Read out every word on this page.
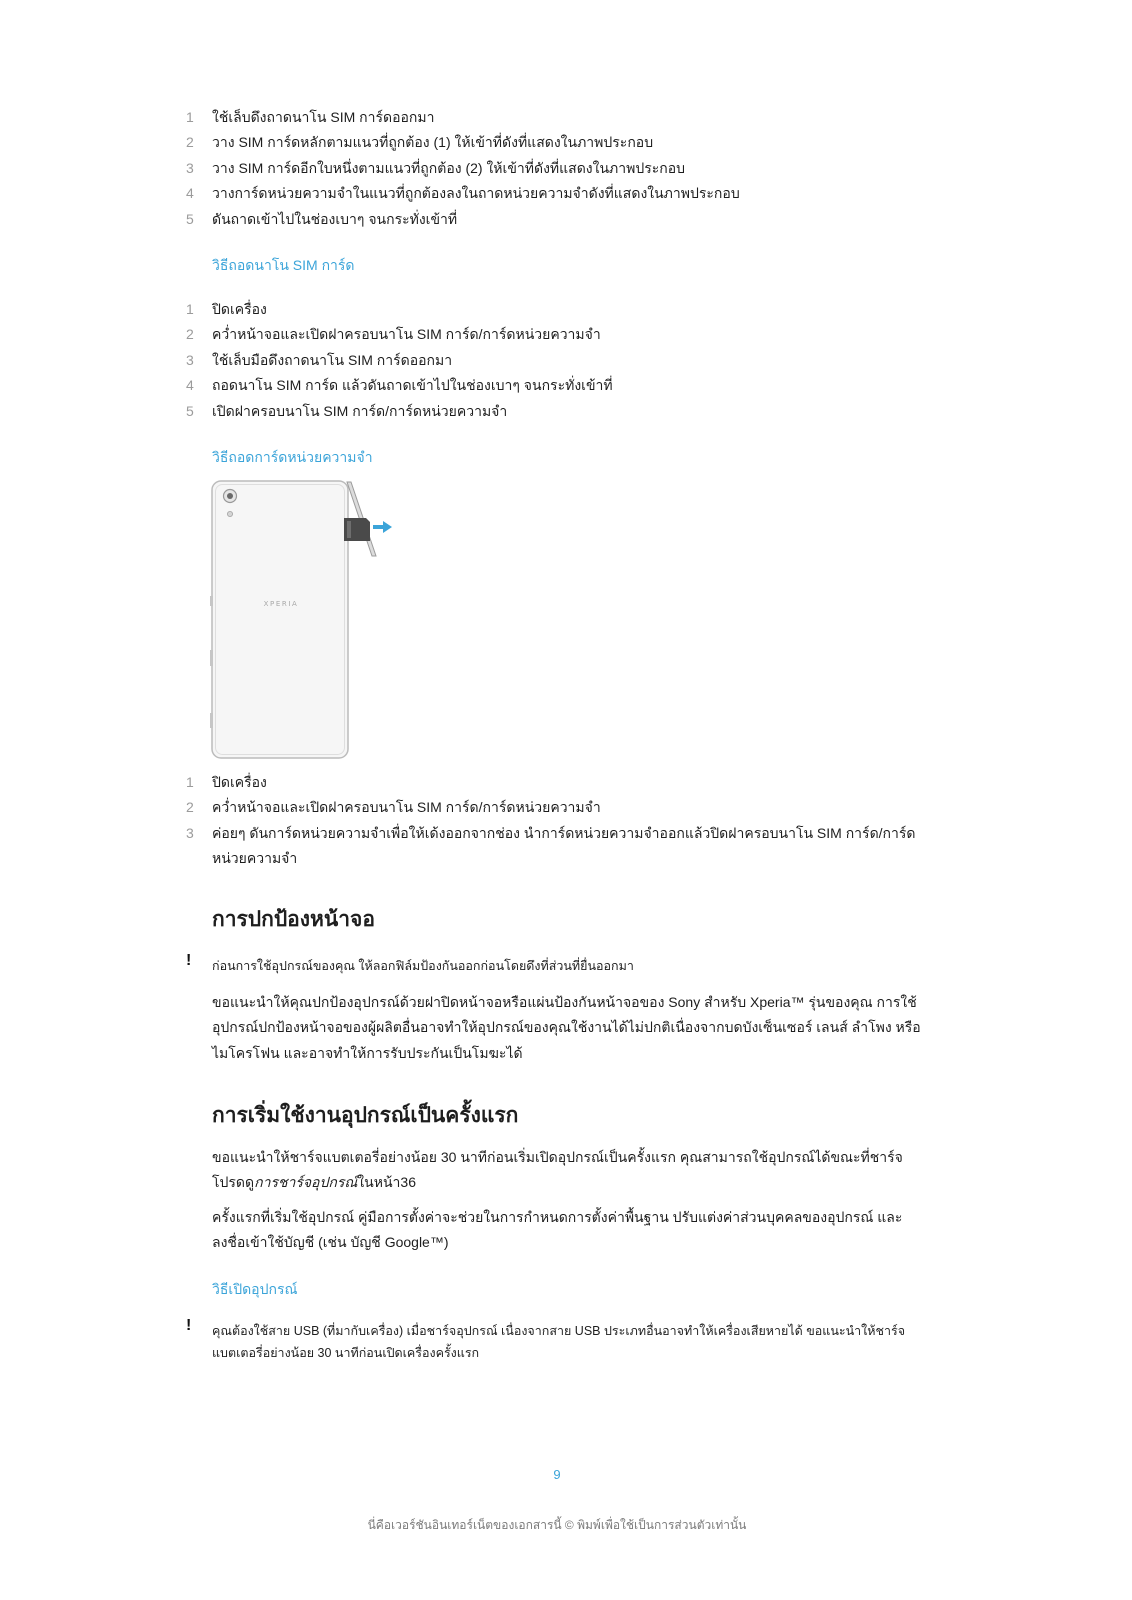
1	ใช้เล็บดึงถาดนาโน SIM การ์ดออกมา
2	วาง SIM การ์ดหลักตามแนวที่ถูกต้อง (1) ให้เข้าที่ดังที่แสดงในภาพประกอบ
3	วาง SIM การ์ดอีกใบหนึ่งตามแนวที่ถูกต้อง (2) ให้เข้าที่ดังที่แสดงในภาพประกอบ
4	วางการ์ดหน่วยความจำในแนวที่ถูกต้องลงในถาดหน่วยความจำดังที่แสดงในภาพประกอบ
5	ดันถาดเข้าไปในช่องเบาๆ จนกระทั่งเข้าที่
วิธีถอดนาโน SIM การ์ด
1	ปิดเครื่อง
2	คว่ำหน้าจอและเปิดฝาครอบนาโน SIM การ์ด/การ์ดหน่วยความจำ
3	ใช้เล็บมือดึงถาดนาโน SIM การ์ดออกมา
4	ถอดนาโน SIM การ์ด แล้วดันถาดเข้าไปในช่องเบาๆ จนกระทั่งเข้าที่
5	เปิดฝาครอบนาโน SIM การ์ด/การ์ดหน่วยความจำ
วิธีถอดการ์ดหน่วยความจำ
XPERIA
1	ปิดเครื่อง
2	คว่ำหน้าจอและเปิดฝาครอบนาโน SIM การ์ด/การ์ดหน่วยความจำ
3	ค่อยๆ ดันการ์ดหน่วยความจำเพื่อให้เด้งออกจากช่อง นำการ์ดหน่วยความจำออกแล้วปิดฝาครอบนาโน SIM การ์ด/การ์ดหน่วยความจำ
การปกป้องหน้าจอ
!
ก่อนการใช้อุปกรณ์ของคุณ ให้ลอกฟิล์มป้องกันออกก่อนโดยดึงที่ส่วนที่ยื่นออกมา

ขอแนะนำให้คุณปกป้องอุปกรณ์ด้วยฝาปิดหน้าจอหรือแผ่นป้องกันหน้าจอของ Sony สำหรับ Xperia™ รุ่นของคุณ การใช้อุปกรณ์ปกป้องหน้าจอของผู้ผลิตอื่นอาจทำให้อุปกรณ์ของคุณใช้งานได้ไม่ปกติเนื่องจากบดบังเซ็นเซอร์ เลนส์ ลำโพง หรือไมโครโฟน และอาจทำให้การรับประกันเป็นโมฆะได้

การเริ่มใช้งานอุปกรณ์เป็นครั้งแรก

ขอแนะนำให้ชาร์จแบตเตอรี่อย่างน้อย 30 นาทีก่อนเริ่มเปิดอุปกรณ์เป็นครั้งแรก คุณสามารถใช้อุปกรณ์ได้ขณะที่ชาร์จ โปรดดูการชาร์จอุปกรณ์ในหน้า36

ครั้งแรกที่เริ่มใช้อุปกรณ์ คู่มือการตั้งค่าจะช่วยในการกำหนดการตั้งค่าพื้นฐาน ปรับแต่งค่าส่วนบุคคลของอุปกรณ์ และ ลงชื่อเข้าใช้บัญชี (เช่น บัญชี Google™)

วิธีเปิดอุปกรณ์
!
คุณต้องใช้สาย USB (ที่มากับเครื่อง) เมื่อชาร์จอุปกรณ์ เนื่องจากสาย USB ประเภทอื่นอาจทำให้เครื่องเสียหายได้ ขอแนะนำให้ชาร์จแบตเตอรี่อย่างน้อย 30 นาทีก่อนเปิดเครื่องครั้งแรก
9
นี่คือเวอร์ชันอินเทอร์เน็ตของเอกสารนี้ © พิมพ์เพื่อใช้เป็นการส่วนตัวเท่านั้น
